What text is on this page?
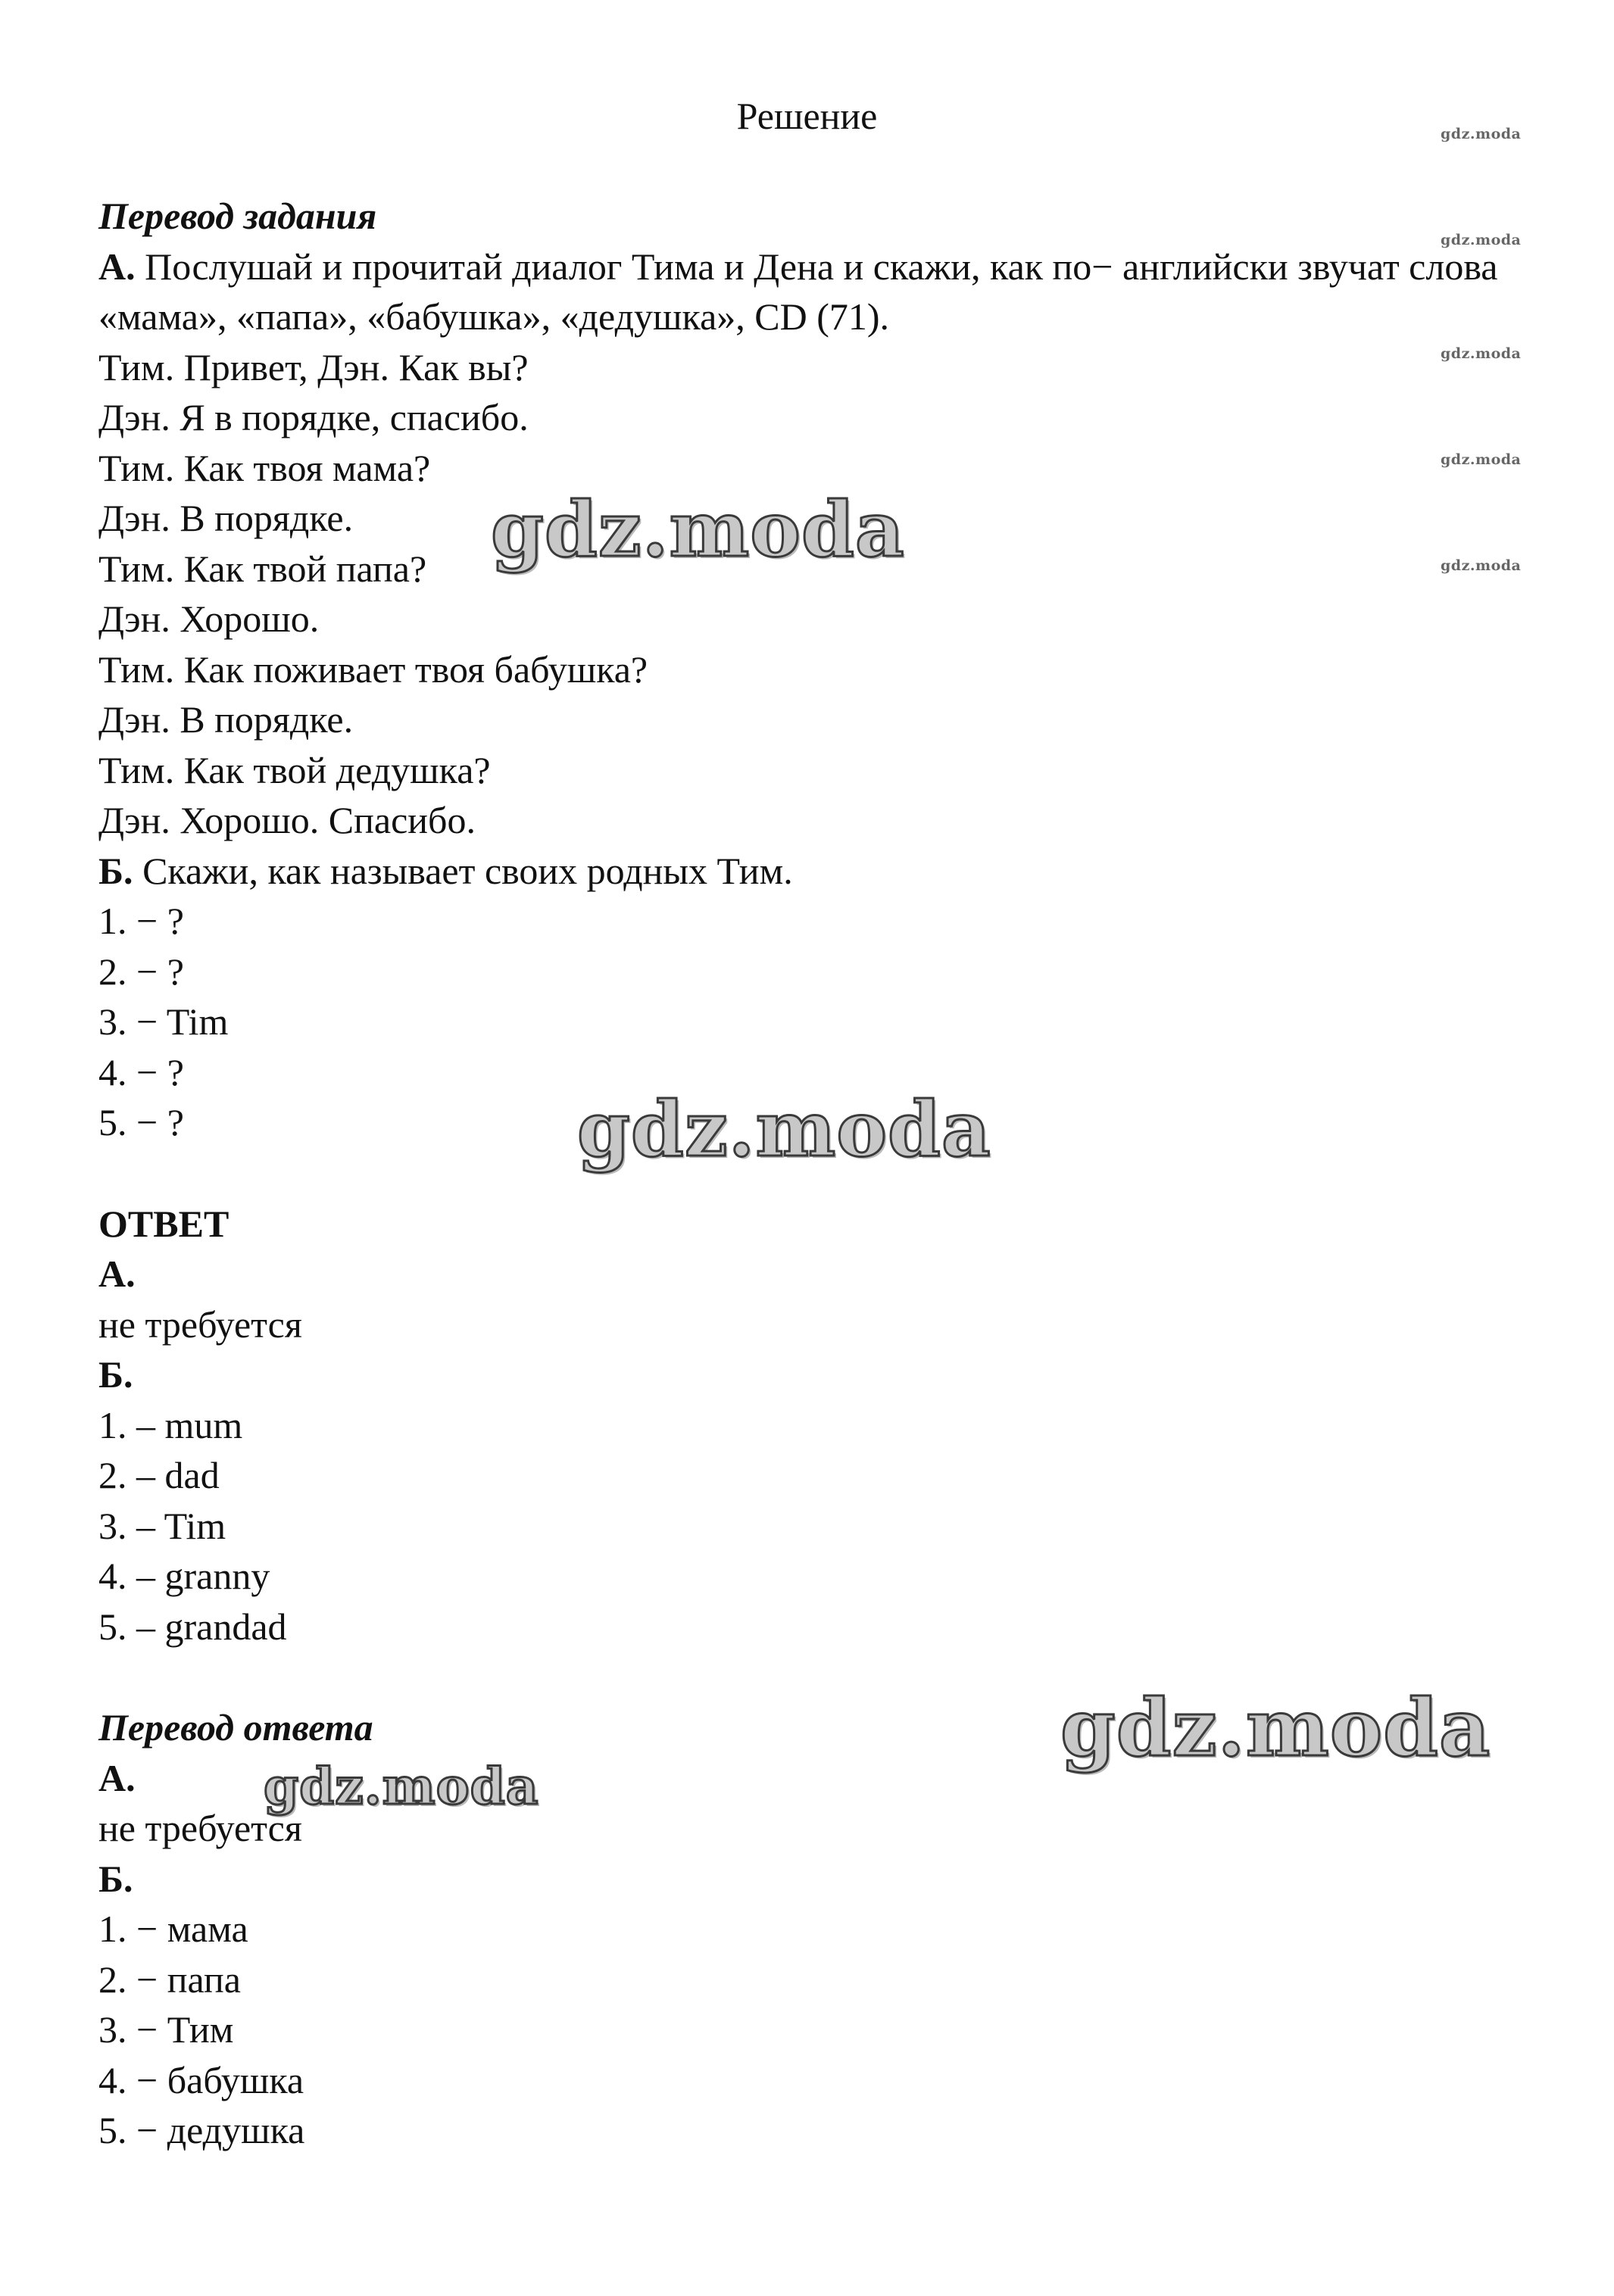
Решение	gdz.moda
gdz.moda
gdz.moda
gdz.moda
gdz.moda
Перевод задания
А. Послушай и прочитай диалог Тима и Дена и скажи, как по− английски звучат слова «мама», «папа», «бабушка», «дедушка», CD (71).
Тим. Привет, Дэн. Как вы?
Дэн. Я в порядке, спасибо.
Тим. Как твоя мама?
Дэн. В порядке.
Тим. Как твой папа?
Дэн. Хорошо.
Тим. Как поживает твоя бабушка?
Дэн. В порядке.
Тим. Как твой дедушка?
Дэн. Хорошо. Спасибо.
Б. Скажи, как называет своих родных Тим.
1. − ?
2. − ?
3. − Tim
4. − ?
5. − ?
ОТВЕТ
А.
не требуется
Б.
1. – mum
2. – dad
3. – Tim
4. – granny
5. – grandad
Перевод ответа
А.
не требуется
Б.
1. − мама
2. − папа
3. − Тим
4. − бабушка
5. − дедушка
gdz.moda
gdz.moda
gdz.moda
gdz.moda
